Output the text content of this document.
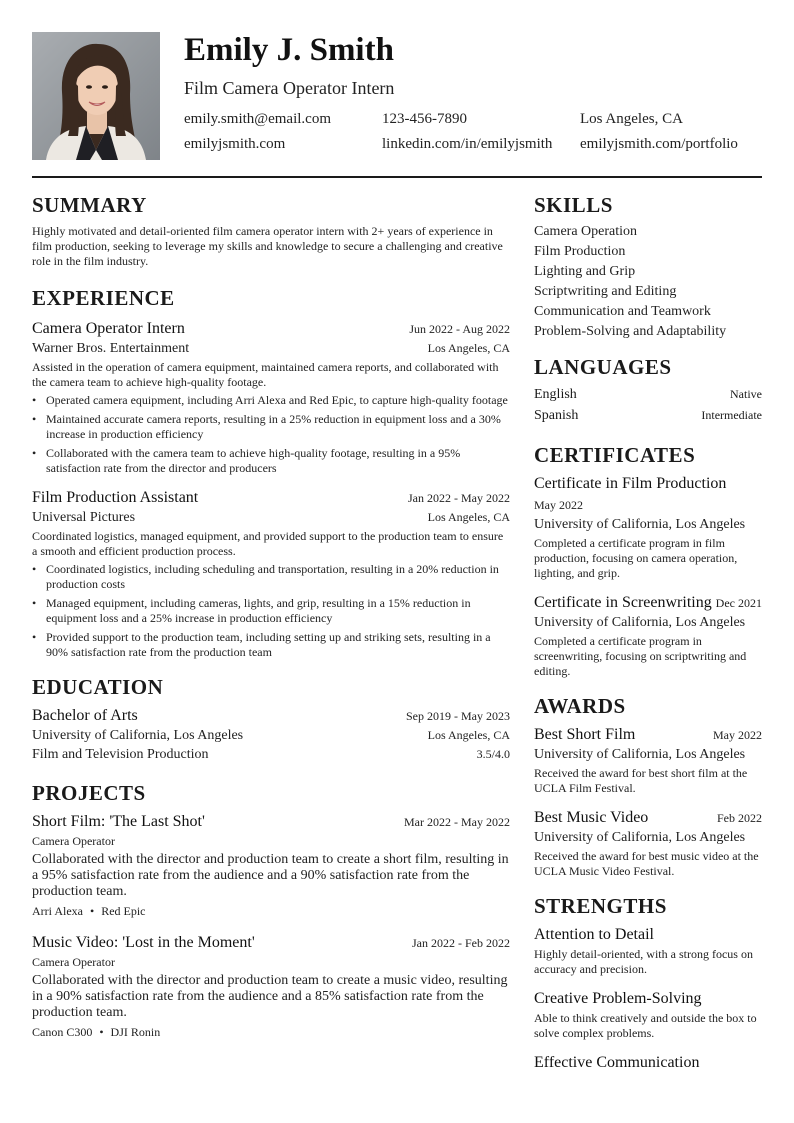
Emily J. Smith
Film Camera Operator Intern
emily.smith@email.com	123-456-7890	Los Angeles, CA
emilyjsmith.com	linkedin.com/in/emilyjsmith emilyjsmith.com/portfolio
SUMMARY
Highly motivated and detail-oriented film camera operator intern with 2+ years of experience in film production, seeking to leverage my skills and knowledge to secure a challenging and creative role in the film industry.
EXPERIENCE
Camera Operator Intern	Jun 2022 - Aug 2022
Warner Bros. Entertainment	Los Angeles, CA
Assisted in the operation of camera equipment, maintained camera reports, and collaborated with the camera team to achieve high-quality footage.
• Operated camera equipment, including Arri Alexa and Red Epic, to capture high-quality footage
• Maintained accurate camera reports, resulting in a 25% reduction in equipment loss and a 30% increase in production efficiency
• Collaborated with the camera team to achieve high-quality footage, resulting in a 95% satisfaction rate from the director and producers
Film Production Assistant	Jan 2022 - May 2022
Universal Pictures	Los Angeles, CA
Coordinated logistics, managed equipment, and provided support to the production team to ensure a smooth and efficient production process.
• Coordinated logistics, including scheduling and transportation, resulting in a 20% reduction in production costs
• Managed equipment, including cameras, lights, and grip, resulting in a 15% reduction in equipment loss and a 25% increase in production efficiency
• Provided support to the production team, including setting up and striking sets, resulting in a 90% satisfaction rate from the production team
EDUCATION
Bachelor of Arts	Sep 2019 - May 2023
University of California, Los Angeles	Los Angeles, CA
Film and Television Production	3.5/4.0
PROJECTS
Short Film: 'The Last Shot'	Mar 2022 - May 2022
Camera Operator
Collaborated with the director and production team to create a short film, resulting in a 95% satisfaction rate from the audience and a 90% satisfaction rate from the production team.
Arri Alexa • Red Epic
Music Video: 'Lost in the Moment'	Jan 2022 - Feb 2022
Camera Operator
Collaborated with the director and production team to create a music video, resulting in a 90% satisfaction rate from the audience and a 85% satisfaction rate from the production team.
Canon C300 • DJI Ronin
SKILLS
Camera Operation
Film Production
Lighting and Grip
Scriptwriting and Editing
Communication and Teamwork
Problem-Solving and Adaptability
LANGUAGES
English	Native
Spanish	Intermediate
CERTIFICATES
Certificate in Film Production
May 2022
University of California, Los Angeles
Completed a certificate program in film production, focusing on camera operation, lighting, and grip.
Certificate in Screenwriting Dec 2021
University of California, Los Angeles
Completed a certificate program in screenwriting, focusing on scriptwriting and editing.
AWARDS
Best Short Film	May 2022
University of California, Los Angeles
Received the award for best short film at the UCLA Film Festival.
Best Music Video	Feb 2022
University of California, Los Angeles
Received the award for best music video at the UCLA Music Video Festival.
STRENGTHS
Attention to Detail
Highly detail-oriented, with a strong focus on accuracy and precision.
Creative Problem-Solving
Able to think creatively and outside the box to solve complex problems.
Effective Communication
